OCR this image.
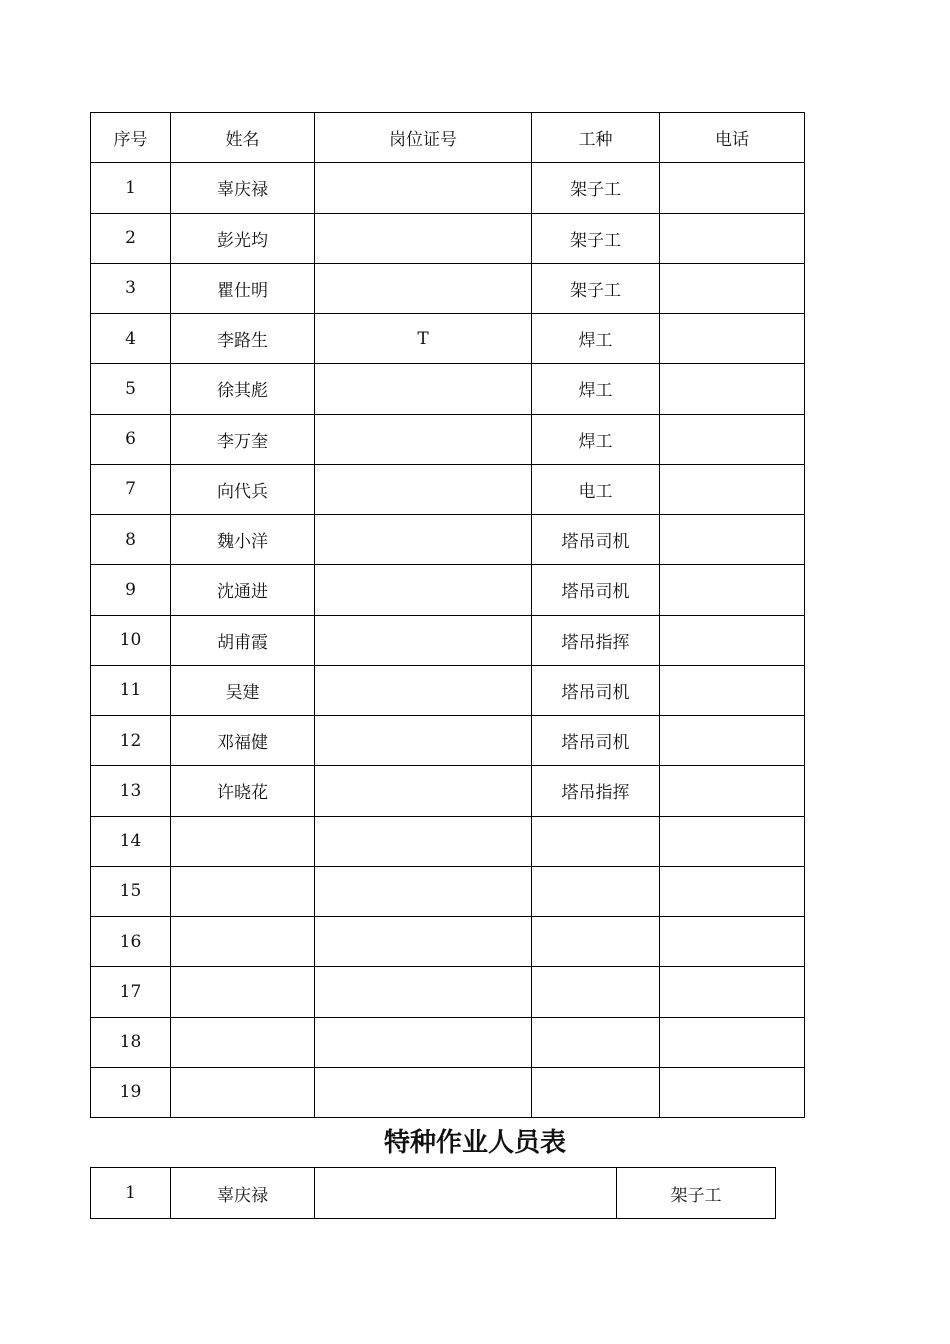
序号	姓名	岗位证号	工种	电话
1	辜庆禄		架子工	
2	彭光均		架子工	
3	瞿仕明		架子工	
4	李路生	T	焊工	
5	徐其彪		焊工	
6	李万奎		焊工	
7	向代兵		电工	
8	魏小洋		塔吊司机	
9	沈通进		塔吊司机	
10	胡甫霞		塔吊指挥	
11	吴建		塔吊司机	
12	邓福健		塔吊司机	
13	许晓花		塔吊指挥	
14				
15				
16				
17				
18				
19				
特种作业人员表
1	辜庆禄		架子工
